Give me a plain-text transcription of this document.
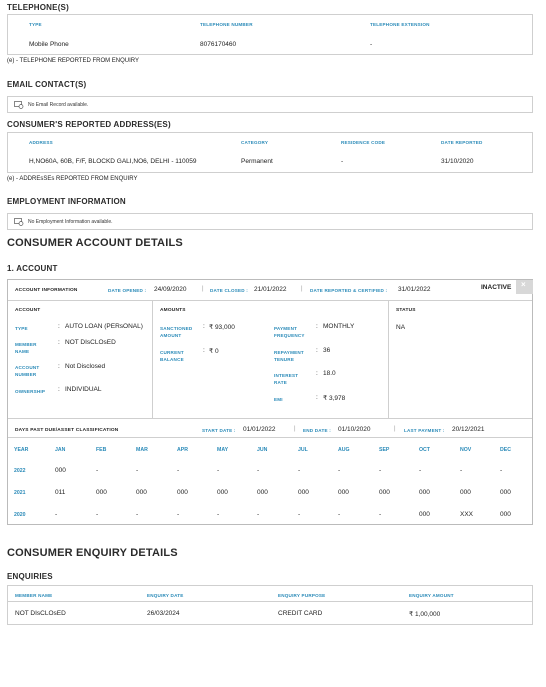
TELEPHONE(S)
TYPE	TELEPHONE NUMBER	TELEPHONE EXTENSION
Mobile Phone	8076170460	-
(e) - TELEPHONE REPORTED FROM ENQUIRY
EMAIL CONTACT(S)
No Email Record available.
CONSUMER'S REPORTED ADDRESS(ES)
ADDRESS	CATEGORY	RESIDENCE CODE	DATE REPORTED
H,NO60A, 60B, F/F, BLOCKD GALI,NO6, DELHI - 110059	Permanent	-	31/10/2020
(e) - ADDREsSEs REPORTED FROM ENQUIRY
EMPLOYMENT INFORMATION
No Employment Information available.
CONSUMER ACCOUNT DETAILS
1. ACCOUNT
ACCOUNT INFORMATION	DATE OPENED : 24/09/2020	| DATE CLOSED : 21/01/2022 | DATE REPORTED & CERTIFIED : 31/01/2022	INACTIVE ×
ACCOUNT
TYPE	: AUTO LOAN (PERsONAL)
MEMBER NAME
: NOT DIsCLOsED
ACCOUNT NUMBER
: Not Disclosed
OWNERSHIP	: INDIVIDUAL
AMOUNTS
SANCTIONED AMOUNT
: ₹ 93,000
CURRENT BALANCE
: ₹ 0
PAYMENT FREQUENCY
: MONTHLY
REPAYMENT TENURE
: 36
INTEREST RATE
: 18.0
EMI	: ₹ 3,978
STATUS
NA
DAYS PAST DUE/ASSET CLASSIFICATION	START DATE : 01/01/2022	| END DATE : 01/10/2020	| LAST PAYMENT : 20/12/2021
YEAR	JAN	FEB	MAR	APR	MAY	JUN	JUL	AUG	SEP	OCT	NOV	DEC
2022	000	-	-	-	-	-	-	-	-	-	-	-
2021	011	000	000	000	000	000	000	000	000	000	000	000
2020	-	-	-	-	-	-	-	-	-	000	XXX	000
CONSUMER ENQUIRY DETAILS
ENQUIRIES
MEMBER NAME	ENQUIRY DATE	ENQUIRY PURPOSE	ENQUIRY AMOUNT
NOT DIsCLOsED	26/03/2024	CREDIT CARD	₹ 1,00,000
